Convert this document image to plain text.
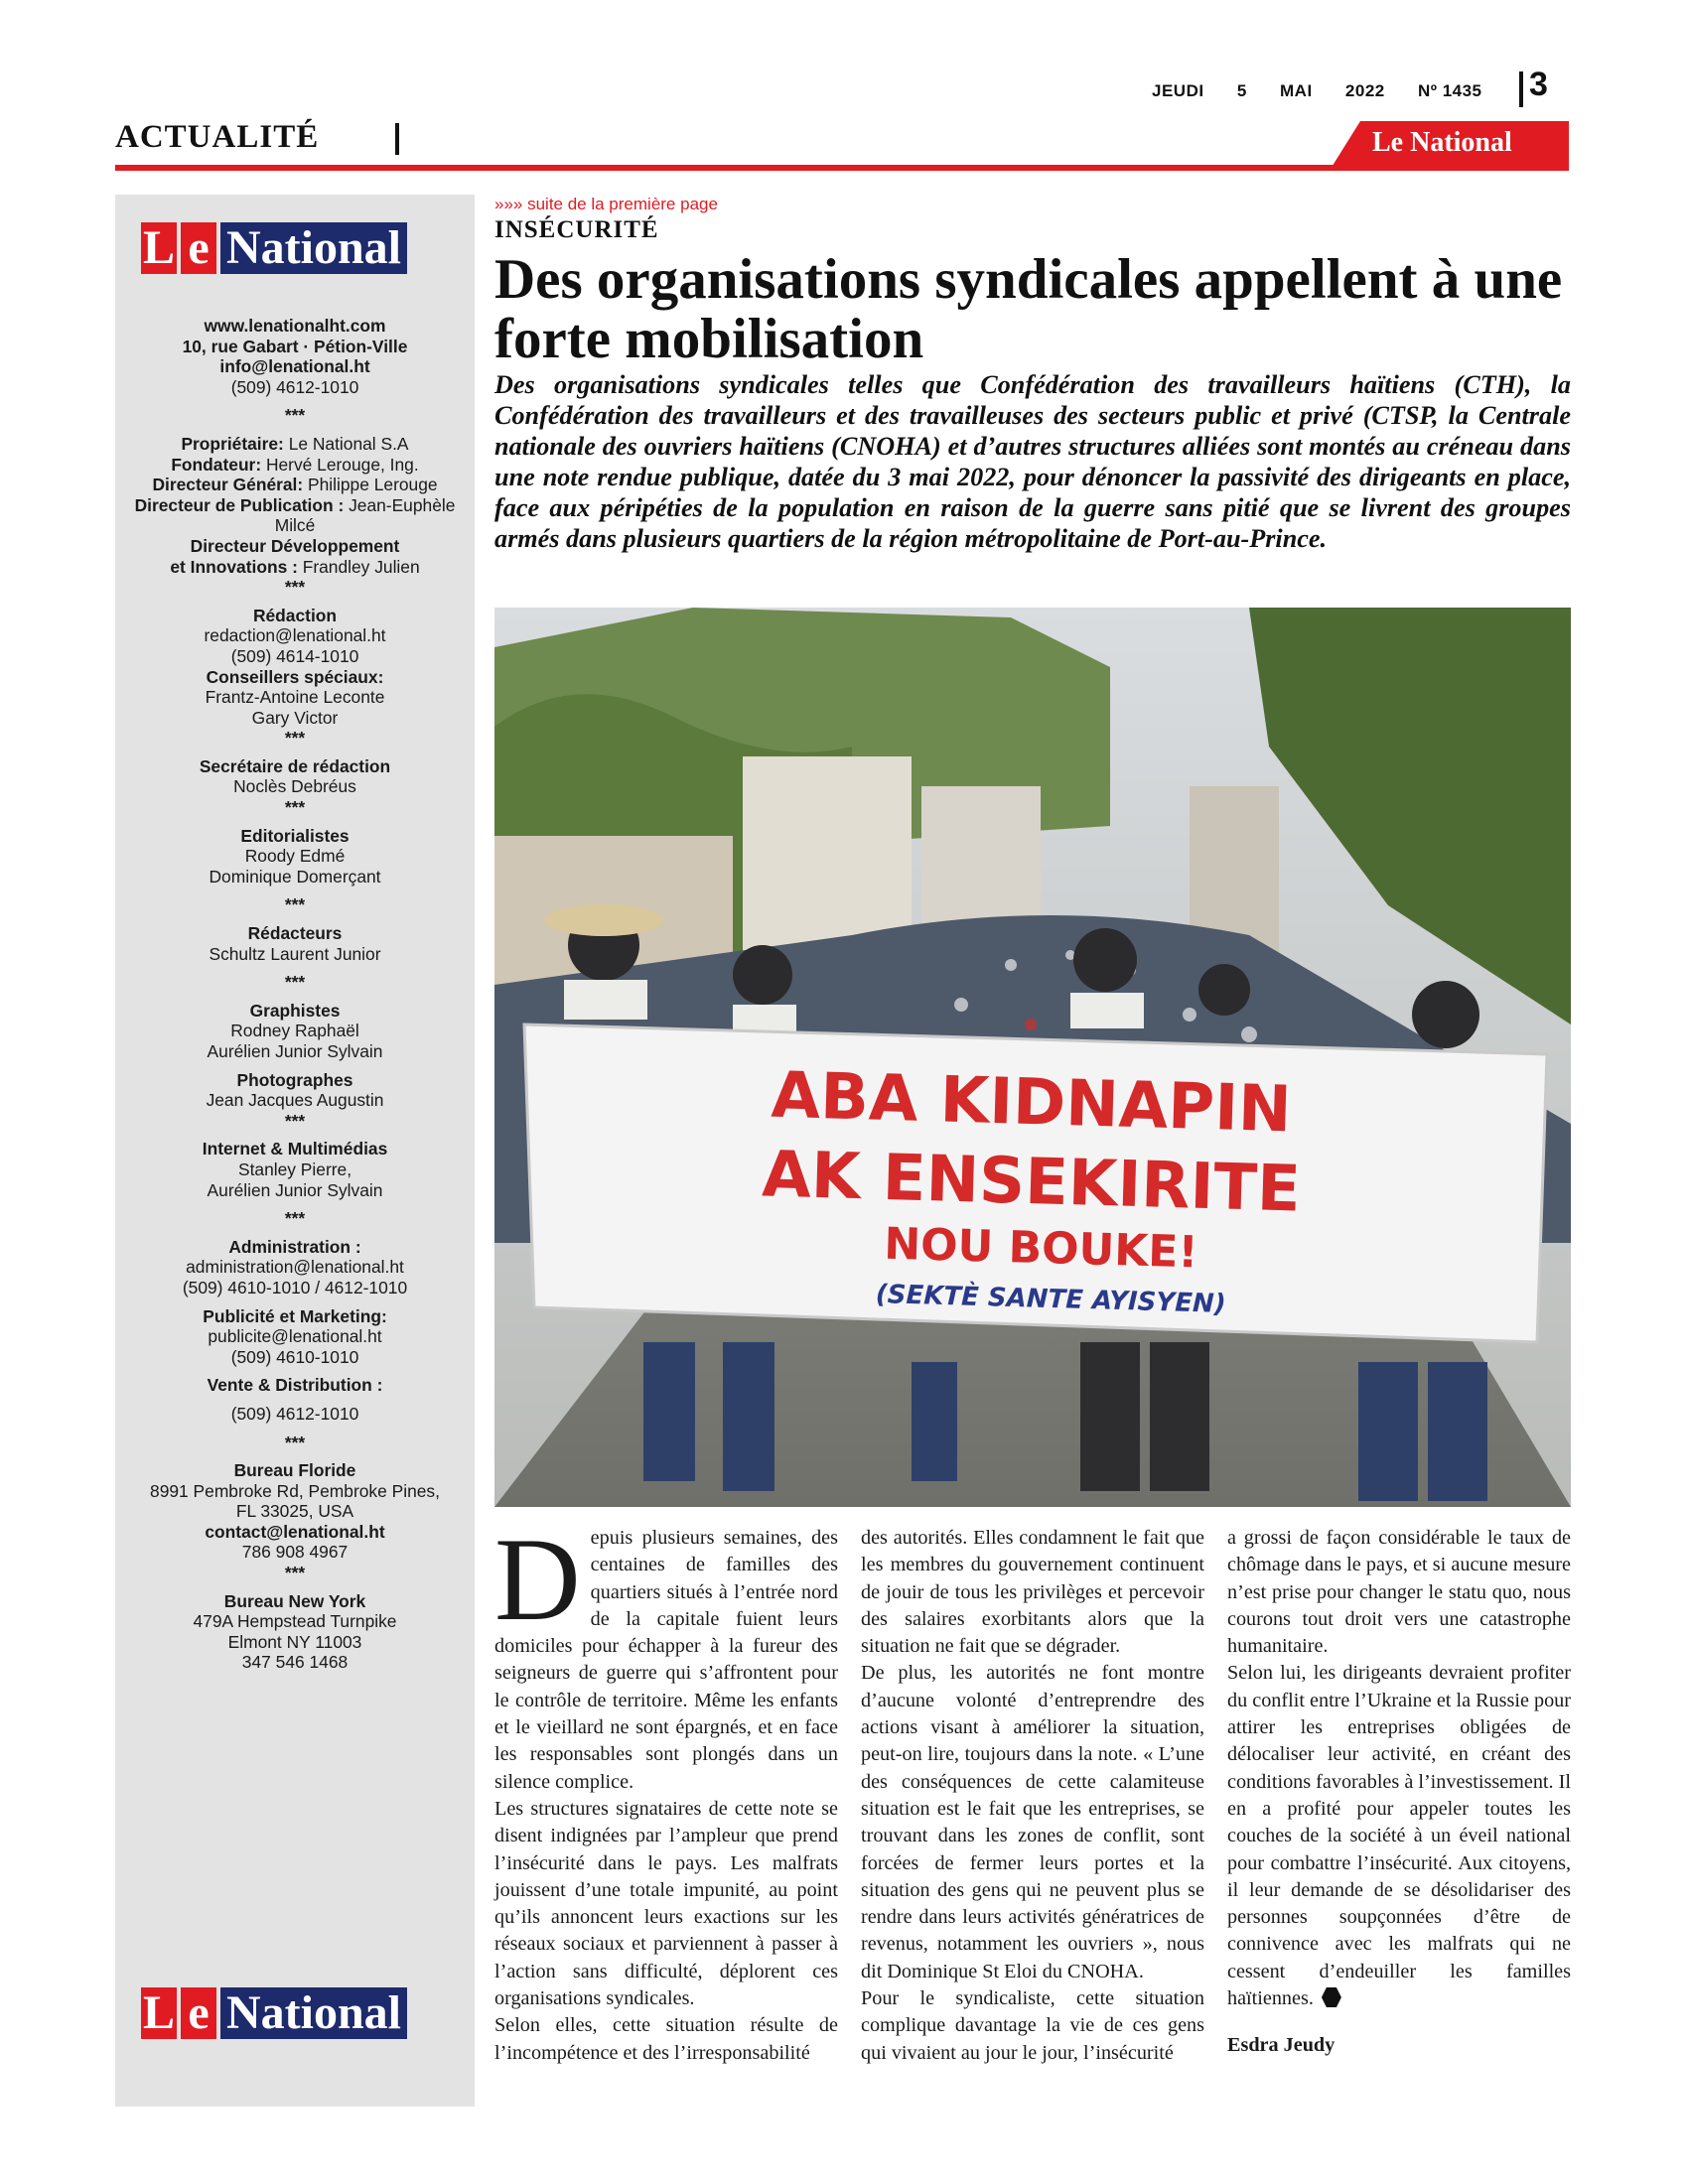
JEUDI 5 MAI 2022 Nº 1435	3
ACTUALITÉ	Le National
L e National

www.lenationalht.com

10, rue Gabart · Pétion-Ville

info@lenational.ht

(509) 4612-1010

***

Propriétaire: Le National S.A

Fondateur: Hervé Lerouge, Ing.

Directeur Général: Philippe Lerouge

Directeur de Publication : Jean-Euphèle Milcé

Directeur Développement

et Innovations : Frandley Julien

***

Rédaction

redaction@lenational.ht

(509) 4614-1010

Conseillers spéciaux:

Frantz-Antoine Leconte

Gary Victor

***

Secrétaire de rédaction

Noclès Debréus

***

Editorialistes

Roody Edmé

Dominique Domerçant

***

Rédacteurs

Schultz Laurent Junior

***

Graphistes

Rodney Raphaël

Aurélien Junior Sylvain

Photographes

Jean Jacques Augustin

***

Internet & Multimédias

Stanley Pierre,

Aurélien Junior Sylvain

***

Administration :

administration@lenational.ht

(509) 4610-1010 / 4612-1010

Publicité et Marketing:

publicite@lenational.ht

(509) 4610-1010

Vente & Distribution :

(509) 4612-1010

***

Bureau Floride

8991 Pembroke Rd, Pembroke Pines,

FL 33025, USA

contact@lenational.ht

786 908 4967

***

Bureau New York

479A Hempstead Turnpike

Elmont NY 11003

347 546 1468

L e National
»»» suite de la première page
INSÉCURITÉ
Des organisations syndicales appellent à une forte mobilisation

Des organisations syndicales telles que Confédération des travailleurs haïtiens (CTH), la Confédération des travailleurs et des travailleuses des secteurs public et privé (CTSP, la Centrale nationale des ouvriers haïtiens (CNOHA) et d’autres structures alliées sont montés au créneau dans une note rendue publique, datée du 3 mai 2022, pour dénoncer la passivité des dirigeants en place, face aux péripéties de la population en raison de la guerre sans pitié que se livrent des groupes armés dans plusieurs quartiers de la région métropolitaine de Port-au-Prince.

ABA KIDNAPIN
AK ENSEKIRITE
NOU BOUKE!
(SEKTÈ SANTE AYISYEN)
D epuis plusieurs semaines, des centaines de familles des quartiers situés à l’entrée nord de la capitale fuient leurs domiciles pour échapper à la fureur des seigneurs de guerre qui s’affrontent pour le contrôle de territoire. Même les enfants et le vieillard ne sont épargnés, et en face les responsables sont plongés dans un silence complice.

Les structures signataires de cette note se disent indignées par l’ampleur que prend l’insécurité dans le pays. Les malfrats jouissent d’une totale impunité, au point qu’ils annoncent leurs exactions sur les réseaux sociaux et parviennent à passer à l’action sans difficulté, déplorent ces organisations syndicales.

Selon elles, cette situation résulte de l’incompétence et des l’irresponsabilité

des autorités. Elles condamnent le fait que les membres du gouvernement continuent de jouir de tous les privilèges et percevoir des salaires exorbitants alors que la situation ne fait que se dégrader.

De plus, les autorités ne font montre d’aucune volonté d’entreprendre des actions visant à améliorer la situation, peut-on lire, toujours dans la note. « L’une des conséquences de cette calamiteuse situation est le fait que les entreprises, se trouvant dans les zones de conflit, sont forcées de fermer leurs portes et la situation des gens qui ne peuvent plus se rendre dans leurs activités génératrices de revenus, notamment les ouvriers », nous dit Dominique St Eloi du CNOHA.

Pour le syndicaliste, cette situation complique davantage la vie de ces gens qui vivaient au jour le jour, l’insécurité

a grossi de façon considérable le taux de chômage dans le pays, et si aucune mesure n’est prise pour changer le statu quo, nous courons tout droit vers une catastrophe humanitaire.

Selon lui, les dirigeants devraient profiter du conflit entre l’Ukraine et la Russie pour attirer les entreprises obligées de délocaliser leur activité, en créant des conditions favorables à l’investissement. Il en a profité pour appeler toutes les couches de la société à un éveil national pour combattre l’insécurité. Aux citoyens, il leur demande de se désolidariser des personnes soupçonnées d’être de connivence avec les malfrats qui ne cessent d’endeuiller les familles haïtiennes.

Esdra Jeudy
